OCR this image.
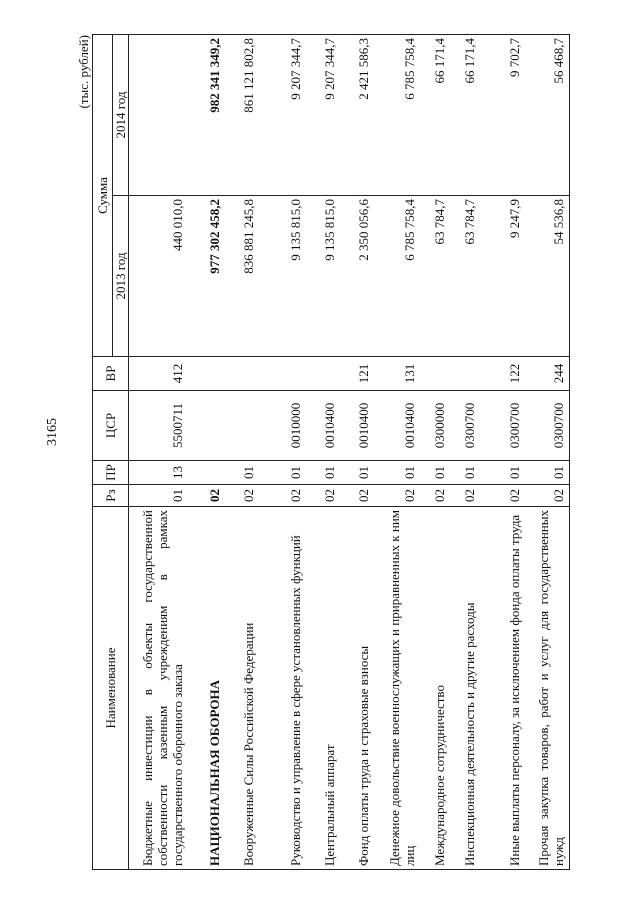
3165
(тыс. рублей)
Наименование	Рз	ПР	ЦСР	ВР	Сумма	
					2013 год	2014 год
Бюджетные инвестиции в объекты государственной собственности казенным учреждениям в рамках государственного оборонного заказа	01	13	5500711	412	440 010,0	
НАЦИОНАЛЬНАЯ ОБОРОНА	02				977 302 458,2	982 341 349,2
Вооруженные Силы Российской Федерации	02	01			836 881 245,8	861 121 802,8
Руководство и управление в сфере установленных функций	02	01	0010000		9 135 815,0	9 207 344,7
Центральный аппарат	02	01	0010400		9 135 815,0	9 207 344,7
Фонд оплаты труда и страховые взносы	02	01	0010400	121	2 350 056,6	2 421 586,3
Денежное довольствие военнослужащих и приравненных к ним лиц	02	01	0010400	131	6 785 758,4	6 785 758,4
Международное сотрудничество	02	01	0300000		63 784,7	66 171,4
Инспекционная деятельность и другие расходы	02	01	0300700		63 784,7	66 171,4
Иные выплаты персоналу, за исключением фонда оплаты труда	02	01	0300700	122	9 247,9	9 702,7
Прочая закупка товаров, работ и услуг для государственных нужд	02	01	0300700	244	54 536,8	56 468,7
